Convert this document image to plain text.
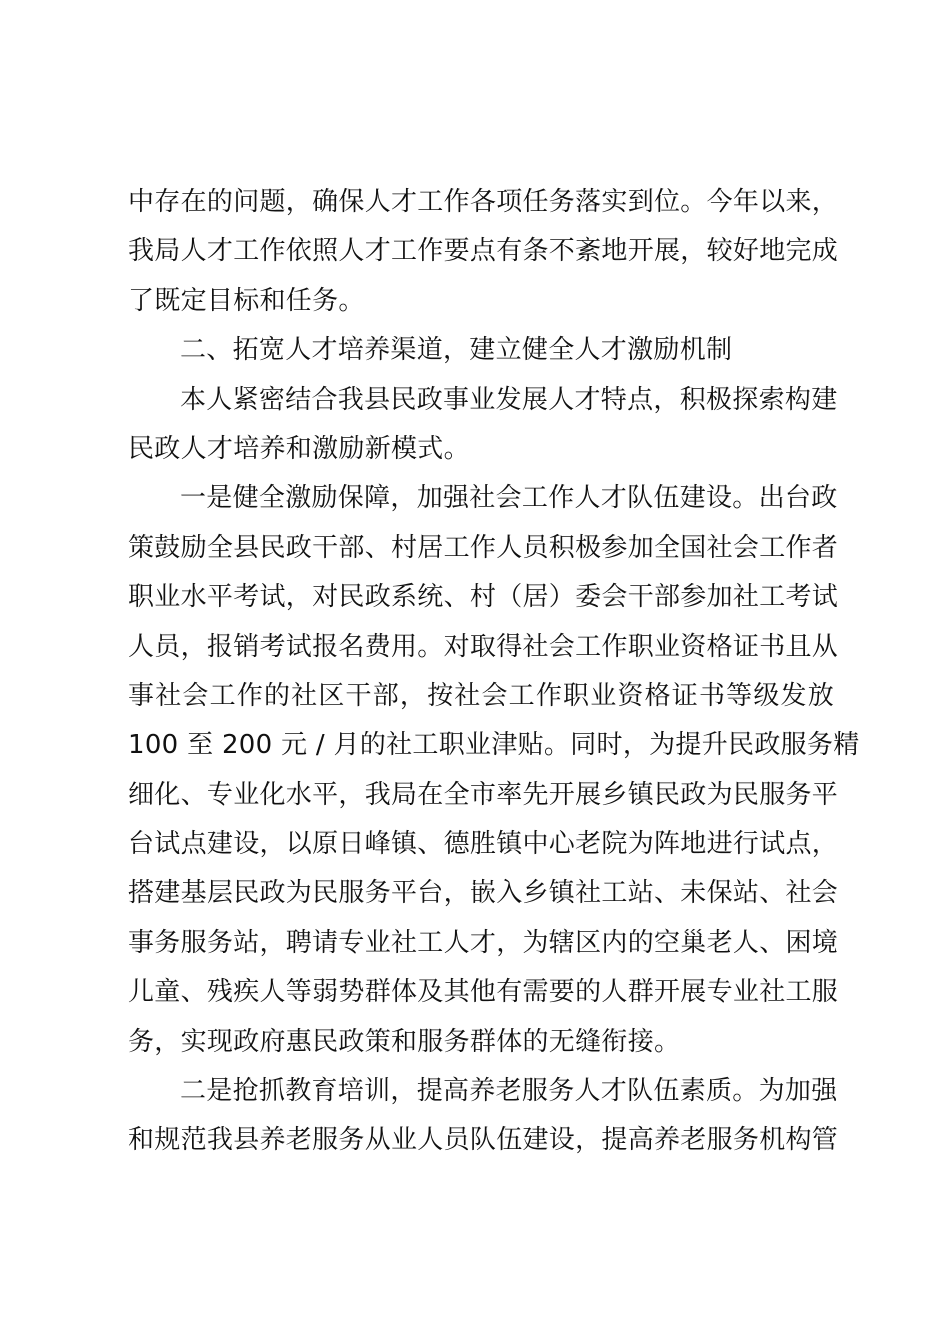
中存在的问题，确保人才工作各项任务落实到位。今年以来，
我局人才工作依照人才工作要点有条不紊地开展，较好地完成
了既定目标和任务。
二、拓宽人才培养渠道，建立健全人才激励机制
本人紧密结合我县民政事业发展人才特点，积极探索构建
民政人才培养和激励新模式。
一是健全激励保障，加强社会工作人才队伍建设。出台政
策鼓励全县民政干部、村居工作人员积极参加全国社会工作者
职业水平考试，对民政系统、村（居）委会干部参加社工考试
人员，报销考试报名费用。对取得社会工作职业资格证书且从
事社会工作的社区干部，按社会工作职业资格证书等级发放
100 至 200 元 / 月的社工职业津贴。同时，为提升民政服务精
细化、专业化水平，我局在全市率先开展乡镇民政为民服务平
台试点建设，以原日峰镇、德胜镇中心老院为阵地进行试点，
搭建基层民政为民服务平台，嵌入乡镇社工站、未保站、社会
事务服务站，聘请专业社工人才，为辖区内的空巢老人、困境
儿童、残疾人等弱势群体及其他有需要的人群开展专业社工服
务，实现政府惠民政策和服务群体的无缝衔接。
二是抢抓教育培训，提高养老服务人才队伍素质。为加强
和规范我县养老服务从业人员队伍建设，提高养老服务机构管
